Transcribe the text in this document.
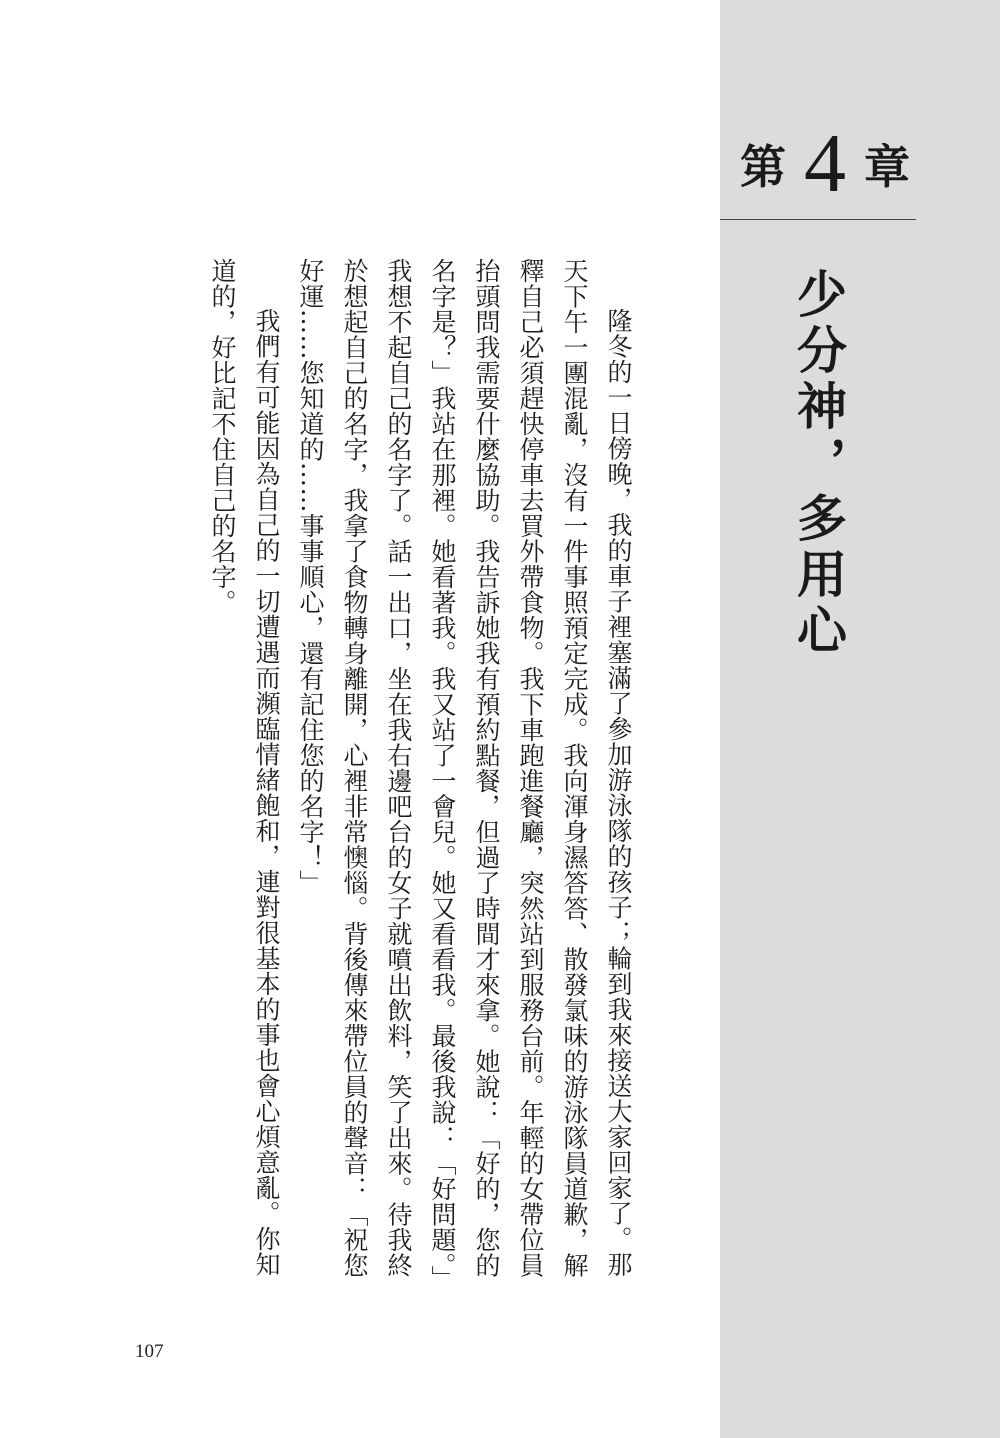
第 4 章
少分神，多用心

隆冬的一日傍晚，我的車子裡塞滿了參加游泳隊的孩子；輪到我來接送大家回家了。那天下午一團混亂，沒有一件事照預定完成。我向渾身濕答答、散發氯味的游泳隊員道歉，解釋自己必須趕快停車去買外帶食物。我下車跑進餐廳，突然站到服務台前。年輕的女帶位員抬頭問我需要什麼協助。我告訴她我有預約點餐，但過了時間才來拿。她說：「好的，您的名字是？」我站在那裡。她看著我。我又站了一會兒。她又看看我。最後我說：「好問題。」我想不起自己的名字了。話一出口，坐在我右邊吧台的女子就噴出飲料，笑了出來。待我終於想起自己的名字，我拿了食物轉身離開，心裡非常懊惱。背後傳來帶位員的聲音：「祝您好運……您知道的……事事順心，還有記住您的名字！」

我們有可能因為自己的一切遭遇而瀕臨情緒飽和，連對很基本的事也會心煩意亂。你知道的，好比記不住自己的名字。

107
